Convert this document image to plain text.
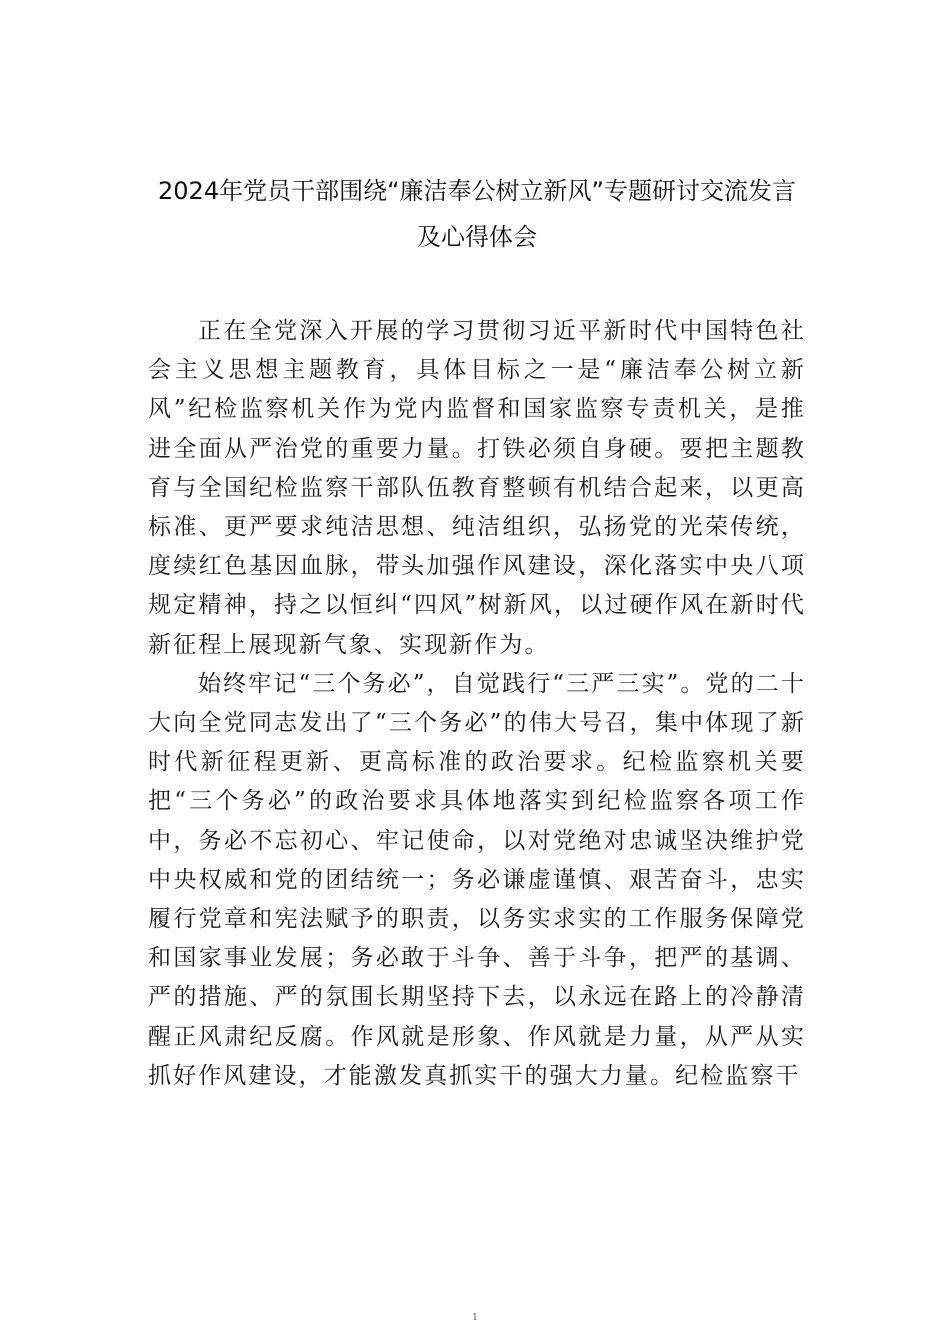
2024年党员干部围绕“廉洁奉公树立新风”专题研讨交流发言及心得体会

正在全党深入开展的学习贯彻习近平新时代中国特色社会主义思想主题教育，具体目标之一是“廉洁奉公树立新风”纪检监察机关作为党内监督和国家监察专责机关，是推进全面从严治党的重要力量。打铁必须自身硬。要把主题教育与全国纪检监察干部队伍教育整顿有机结合起来，以更高标准、更严要求纯洁思想、纯洁组织，弘扬党的光荣传统，度续红色基因血脉，带头加强作风建设，深化落实中央八项规定精神，持之以恒纠“四风”树新风，以过硬作风在新时代新征程上展现新气象、实现新作为。

始终牢记“三个务必”，自觉践行“三严三实”。党的二十大向全党同志发出了“三个务必”的伟大号召，集中体现了新时代新征程更新、更高标准的政治要求。纪检监察机关要把“三个务必”的政治要求具体地落实到纪检监察各项工作中，务必不忘初心、牢记使命，以对党绝对忠诚坚决维护党中央权威和党的团结统一；务必谦虚谨慎、艰苦奋斗，忠实履行党章和宪法赋予的职责，以务实求实的工作服务保障党和国家事业发展；务必敢于斗争、善于斗争，把严的基调、严的措施、严的氛围长期坚持下去，以永远在路上的冷静清醒正风肃纪反腐。作风就是形象、作风就是力量，从严从实抓好作风建设，才能激发真抓实干的强大力量。纪检监察干

1
